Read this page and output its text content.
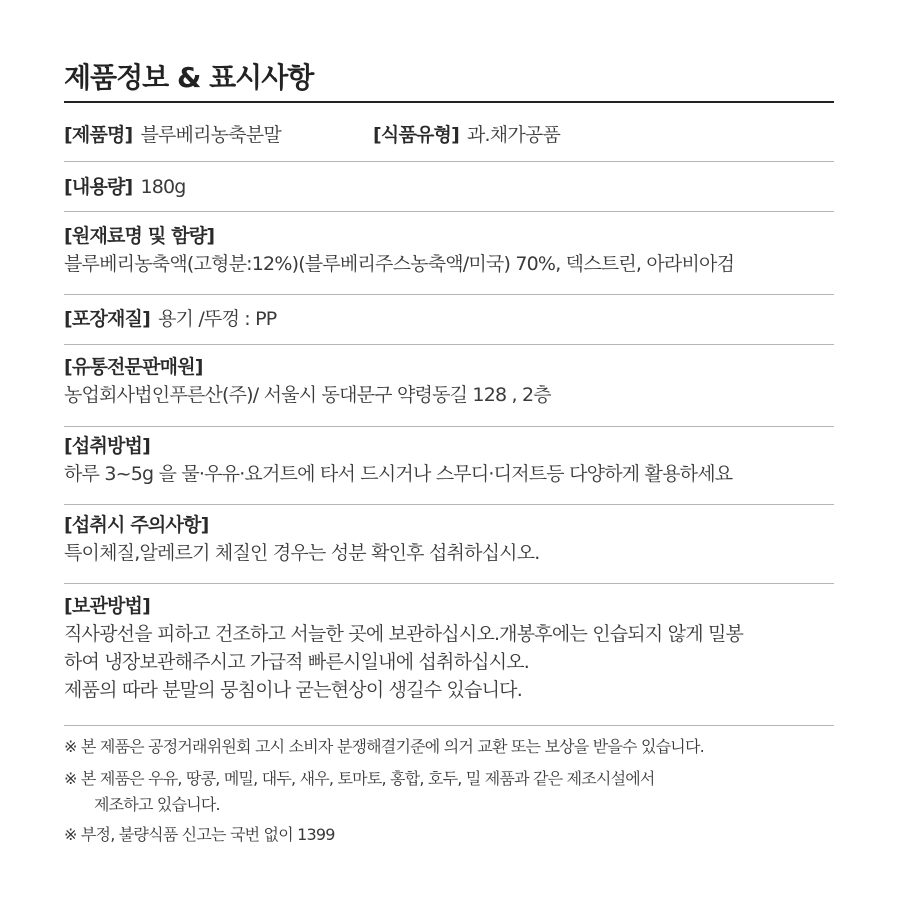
제품정보 & 표시사항
[제품명] 블루베리농축분말	[식품유형] 과.채가공품
[내용량] 180g
[원재료명 및 함량]
블루베리농축액(고형분:12%)(블루베리주스농축액/미국) 70%, 덱스트린, 아라비아검
[포장재질] 용기 /뚜껑 : PP
[유통전문판매원]
농업회사법인푸른산(주)/ 서울시 동대문구 약령동길 128 , 2층
[섭취방법]
하루 3~5g 을 물·우유·요거트에 타서 드시거나 스무디·디저트등 다양하게 활용하세요
[섭취시 주의사항]
특이체질,알레르기 체질인 경우는 성분 확인후 섭취하십시오.
[보관방법]
직사광선을 피하고 건조하고 서늘한 곳에 보관하십시오.개봉후에는 인습되지 않게 밀봉
하여 냉장보관해주시고 가급적 빠른시일내에 섭취하십시오.
제품의 따라 분말의 뭉침이나 굳는현상이 생길수 있습니다.
※ 본 제품은 공정거래위원회 고시 소비자 분쟁해결기준에 의거 교환 또는 보상을 받을수 있습니다.
※ 본 제품은 우유, 땅콩, 메밀, 대두, 새우, 토마토, 홍합, 호두, 밀 제품과 같은 제조시설에서
제조하고 있습니다.
※ 부정, 불량식품 신고는 국번 없이 1399
